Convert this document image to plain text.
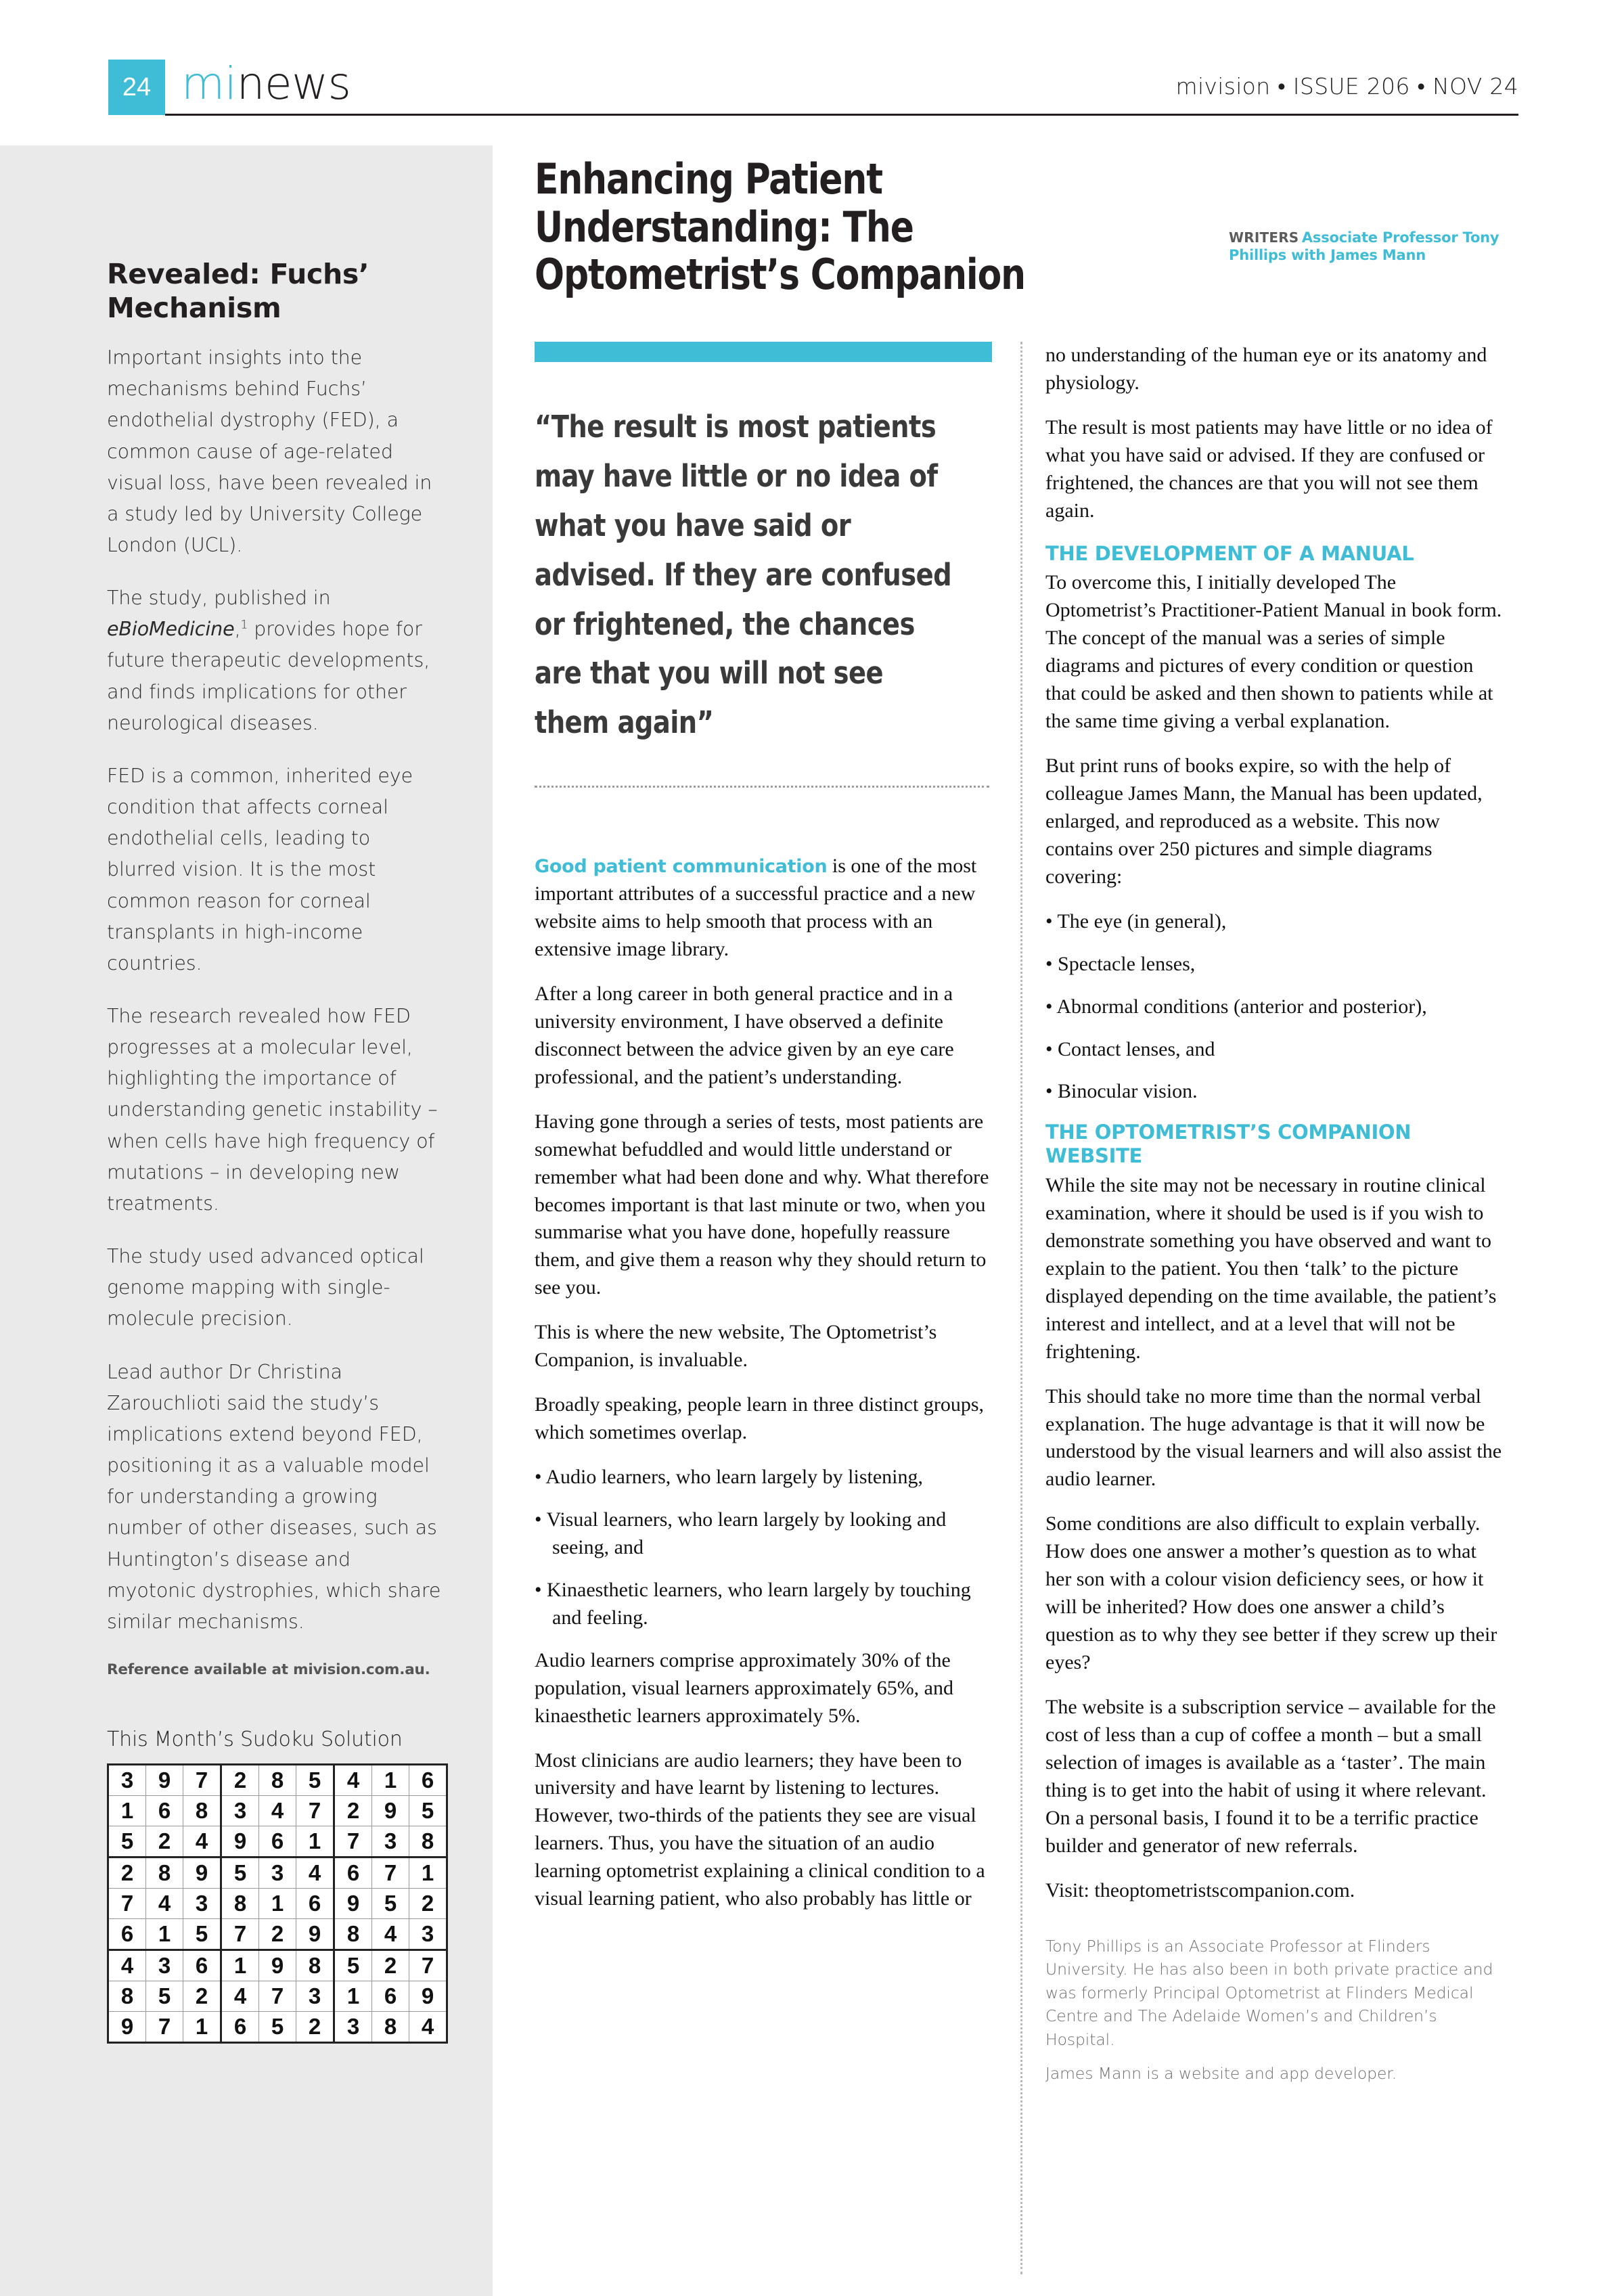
24 minews	mivision • ISSUE 206 • NOV 24
Revealed: Fuchs’ Mechanism

Important insights into the mechanisms behind Fuchs’ endothelial dystrophy (FED), a common cause of age-related visual loss, have been revealed in a study led by University College London (UCL).

The study, published in eBioMedicine,$^1$ provides hope for future therapeutic developments, and finds implications for other neurological diseases.

FED is a common, inherited eye condition that affects corneal endothelial cells, leading to blurred vision. It is the most common reason for corneal transplants in high-income countries.

The research revealed how FED progresses at a molecular level, highlighting the importance of understanding genetic instability – when cells have high frequency of mutations – in developing new treatments.

The study used advanced optical genome mapping with single-molecule precision.

Lead author Dr Christina Zarouchlioti said the study’s implications extend beyond FED, positioning it as a valuable model for understanding a growing number of other diseases, such as Huntington’s disease and myotonic dystrophies, which share similar mechanisms.

Reference available at mivision.com.au.

This Month’s Sudoku Solution
3	9	7	2	8	5	4	1	6
1	6	8	3	4	7	2	9	5
5	2	4	9	6	1	7	3	8
2	8	9	5	3	4	6	7	1
7	4	3	8	1	6	9	5	2
6	1	5	7	2	9	8	4	3
4	3	6	1	9	8	5	2	7
8	5	2	4	7	3	1	6	9
9	7	1	6	5	2	3	8	4
Enhancing Patient Understanding: The Optometrist’s Companion
WRITERS Associate Professor Tony Phillips with James Mann
“The result is most patients may have little or no idea of what you have said or advised. If they are confused or frightened, the chances are that you will not see them again”

Good patient communication is one of the most important attributes of a successful practice and a new website aims to help smooth that process with an extensive image library.

After a long career in both general practice and in a university environment, I have observed a definite disconnect between the advice given by an eye care professional, and the patient’s understanding.

Having gone through a series of tests, most patients are somewhat befuddled and would little understand or remember what had been done and why. What therefore becomes important is that last minute or two, when you summarise what you have done, hopefully reassure them, and give them a reason why they should return to see you.

This is where the new website, The Optometrist’s Companion, is invaluable.

Broadly speaking, people learn in three distinct groups, which sometimes overlap.

• Audio learners, who learn largely by listening,

• Visual learners, who learn largely by looking and seeing, and

• Kinaesthetic learners, who learn largely by touching and feeling.

Audio learners comprise approximately 30% of the population, visual learners approximately 65%, and kinaesthetic learners approximately 5%.

Most clinicians are audio learners; they have been to university and have learnt by listening to lectures. However, two-thirds of the patients they see are visual learners. Thus, you have the situation of an audio learning optometrist explaining a clinical condition to a visual learning patient, who also probably has little or

no understanding of the human eye or its anatomy and physiology.

The result is most patients may have little or no idea of what you have said or advised. If they are confused or frightened, the chances are that you will not see them again.

THE DEVELOPMENT OF A MANUAL

To overcome this, I initially developed The Optometrist’s Practitioner-Patient Manual in book form. The concept of the manual was a series of simple diagrams and pictures of every condition or question that could be asked and then shown to patients while at the same time giving a verbal explanation.

But print runs of books expire, so with the help of colleague James Mann, the Manual has been updated, enlarged, and reproduced as a website. This now contains over 250 pictures and simple diagrams covering:

• The eye (in general),

• Spectacle lenses,

• Abnormal conditions (anterior and posterior),

• Contact lenses, and

• Binocular vision.

THE OPTOMETRIST’S COMPANION WEBSITE

While the site may not be necessary in routine clinical examination, where it should be used is if you wish to demonstrate something you have observed and want to explain to the patient. You then ‘talk’ to the picture displayed depending on the time available, the patient’s interest and intellect, and at a level that will not be frightening.

This should take no more time than the normal verbal explanation. The huge advantage is that it will now be understood by the visual learners and will also assist the audio learner.

Some conditions are also difficult to explain verbally. How does one answer a mother’s question as to what her son with a colour vision deficiency sees, or how it will be inherited? How does one answer a child’s question as to why they see better if they screw up their eyes?

The website is a subscription service – available for the cost of less than a cup of coffee a month – but a small selection of images is available as a ‘taster’. The main thing is to get into the habit of using it where relevant. On a personal basis, I found it to be a terrific practice builder and generator of new referrals.

Visit: theoptometristscompanion.com.

Tony Phillips is an Associate Professor at Flinders University. He has also been in both private practice and was formerly Principal Optometrist at Flinders Medical Centre and The Adelaide Women’s and Children’s Hospital.

James Mann is a website and app developer.
